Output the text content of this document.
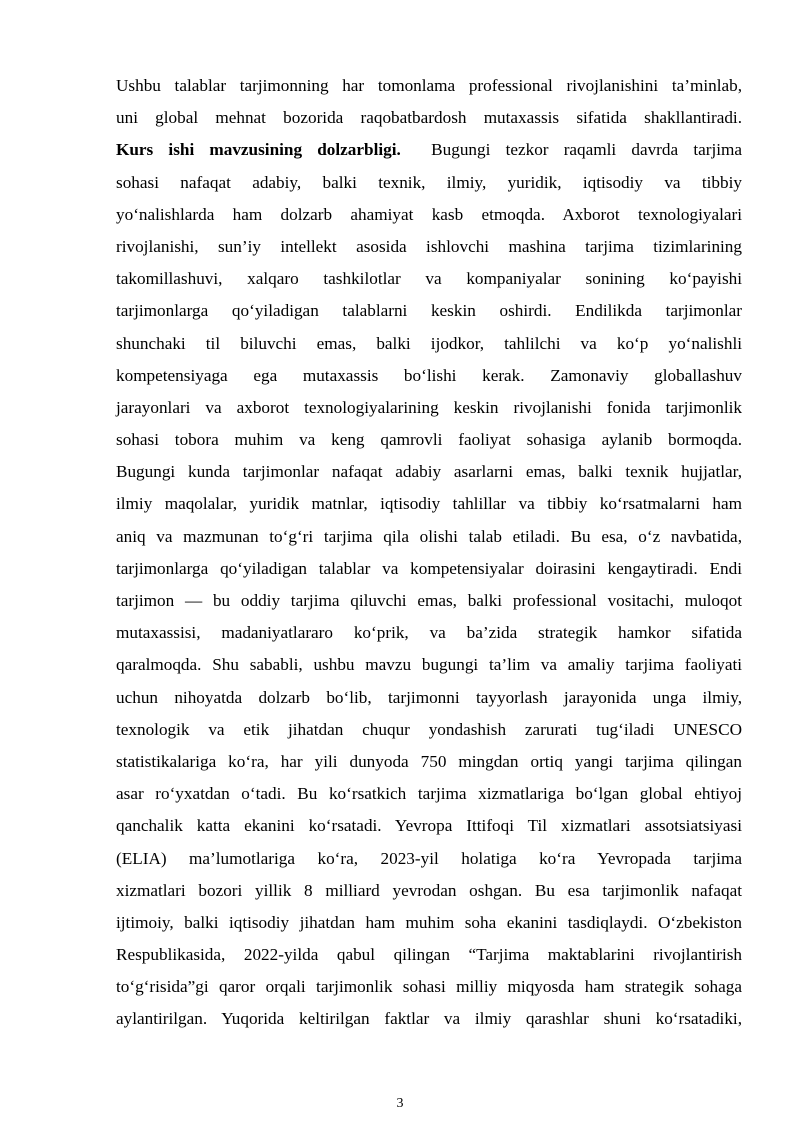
Ushbu talablar tarjimonning har tomonlama professional rivojlanishini ta’minlab,
uni global mehnat bozorida raqobatbardosh mutaxassis sifatida shakllantiradi.
Kurs ishi mavzusining dolzarbligi. Bugungi tezkor raqamli davrda tarjima
sohasi nafaqat adabiy, balki texnik, ilmiy, yuridik, iqtisodiy va tibbiy
yo‘nalishlarda ham dolzarb ahamiyat kasb etmoqda. Axborot texnologiyalari
rivojlanishi, sun’iy intellekt asosida ishlovchi mashina tarjima tizimlarining
takomillashuvi, xalqaro tashkilotlar va kompaniyalar sonining ko‘payishi
tarjimonlarga qo‘yiladigan talablarni keskin oshirdi. Endilikda tarjimonlar
shunchaki til biluvchi emas, balki ijodkor, tahlilchi va ko‘p yo‘nalishli
kompetensiyaga ega mutaxassis bo‘lishi kerak. Zamonaviy globallashuv
jarayonlari va axborot texnologiyalarining keskin rivojlanishi fonida tarjimonlik
sohasi tobora muhim va keng qamrovli faoliyat sohasiga aylanib bormoqda.
Bugungi kunda tarjimonlar nafaqat adabiy asarlarni emas, balki texnik hujjatlar,
ilmiy maqolalar, yuridik matnlar, iqtisodiy tahlillar va tibbiy ko‘rsatmalarni ham
aniq va mazmunan to‘g‘ri tarjima qila olishi talab etiladi. Bu esa, o‘z navbatida,
tarjimonlarga qo‘yiladigan talablar va kompetensiyalar doirasini kengaytiradi. Endi
tarjimon — bu oddiy tarjima qiluvchi emas, balki professional vositachi, muloqot
mutaxassisi, madaniyatlararo ko‘prik, va ba’zida strategik hamkor sifatida
qaralmoqda. Shu sababli, ushbu mavzu bugungi ta’lim va amaliy tarjima faoliyati
uchun nihoyatda dolzarb bo‘lib, tarjimonni tayyorlash jarayonida unga ilmiy,
texnologik va etik jihatdan chuqur yondashish zarurati tug‘iladi UNESCO
statistikalariga ko‘ra, har yili dunyoda 750 mingdan ortiq yangi tarjima qilingan
asar ro‘yxatdan o‘tadi. Bu ko‘rsatkich tarjima xizmatlariga bo‘lgan global ehtiyoj
qanchalik katta ekanini ko‘rsatadi. Yevropa Ittifoqi Til xizmatlari assotsiatsiyasi
(ELIA) ma’lumotlariga ko‘ra, 2023-yil holatiga ko‘ra Yevropada tarjima
xizmatlari bozori yillik 8 milliard yevrodan oshgan. Bu esa tarjimonlik nafaqat
ijtimoiy, balki iqtisodiy jihatdan ham muhim soha ekanini tasdiqlaydi. O‘zbekiston
Respublikasida, 2022-yilda qabul qilingan “Tarjima maktablarini rivojlantirish
to‘g‘risida”gi qaror orqali tarjimonlik sohasi milliy miqyosda ham strategik sohaga
aylantirilgan. Yuqorida keltirilgan faktlar va ilmiy qarashlar shuni ko‘rsatadiki,
3
